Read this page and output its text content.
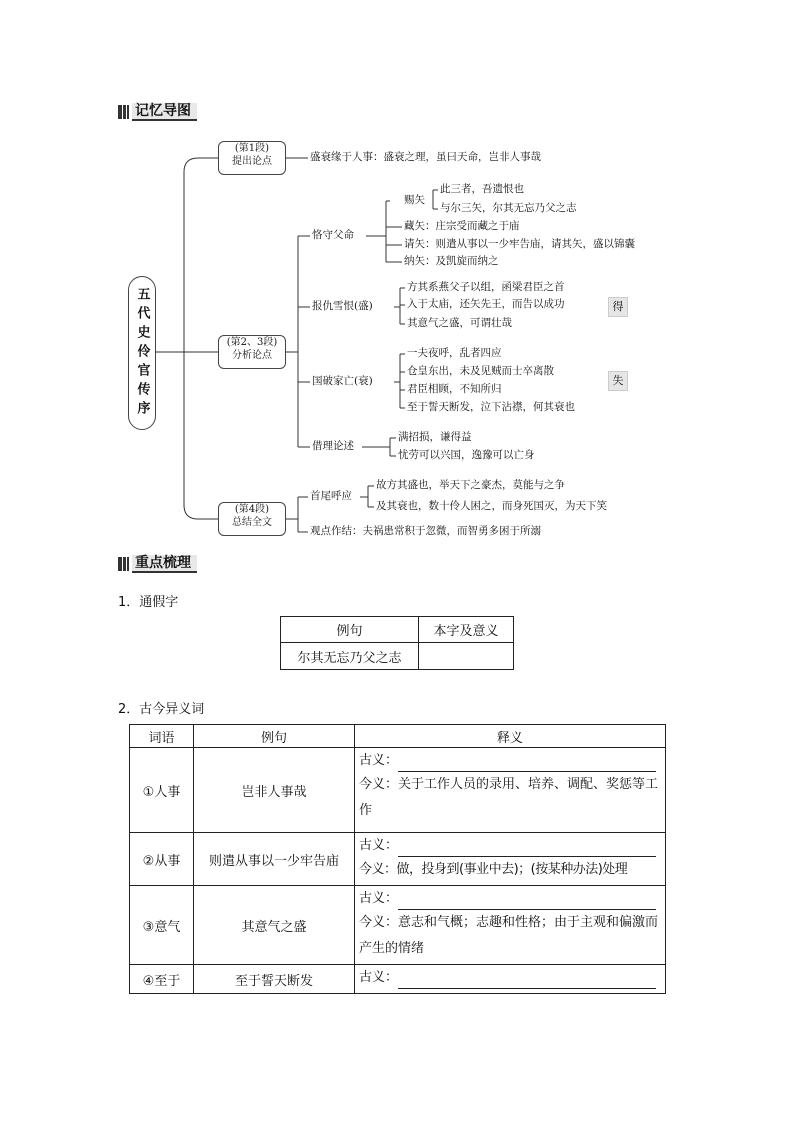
记忆导图
五代史伶官传序
(第1段)
提出论点	盛衰缘于人事：盛衰之理，虽曰天命，岂非人事哉
(第2、3段)
分析论点
恪守父命
赐矢
此三者，吾遗恨也
与尔三矢，尔其无忘乃父之志
藏矢：庄宗受而藏之于庙
请矢：则遣从事以一少牢告庙，请其矢，盛以锦囊
纳矢：及凯旋而纳之
报仇雪恨(盛)
方其系燕父子以组，函梁君臣之首
入于太庙，还矢先王，而告以成功
其意气之盛，可谓壮哉
得
国破家亡(衰)
一夫夜呼，乱者四应
仓皇东出，未及见贼而士卒离散
君臣相顾，不知所归
至于誓天断发，泣下沾襟，何其衰也
失
借理论述
满招损，谦得益
忧劳可以兴国，逸豫可以亡身
(第4段)
总结全文
首尾呼应
故方其盛也，举天下之豪杰，莫能与之争
及其衰也，数十伶人困之，而身死国灭，为天下笑
观点作结：夫祸患常积于忽微，而智勇多困于所溺
重点梳理
1．通假字
例句	本字及意义
尔其无忘乃父之志	
2．古今异义词
词语	例句	释义
①人事	岂非人事哉	古义：
今义：关于工作人员的录用、培养、调配、奖惩等工作

②从事	则遣从事以一少牢告庙	古义：
今义：做，投身到(事业中去)；(按某种办法)处理

③意气	其意气之盛	古义：
今义：意志和气概；志趣和性格；由于主观和偏激而产生的情绪

④至于	至于誓天断发	古义：
